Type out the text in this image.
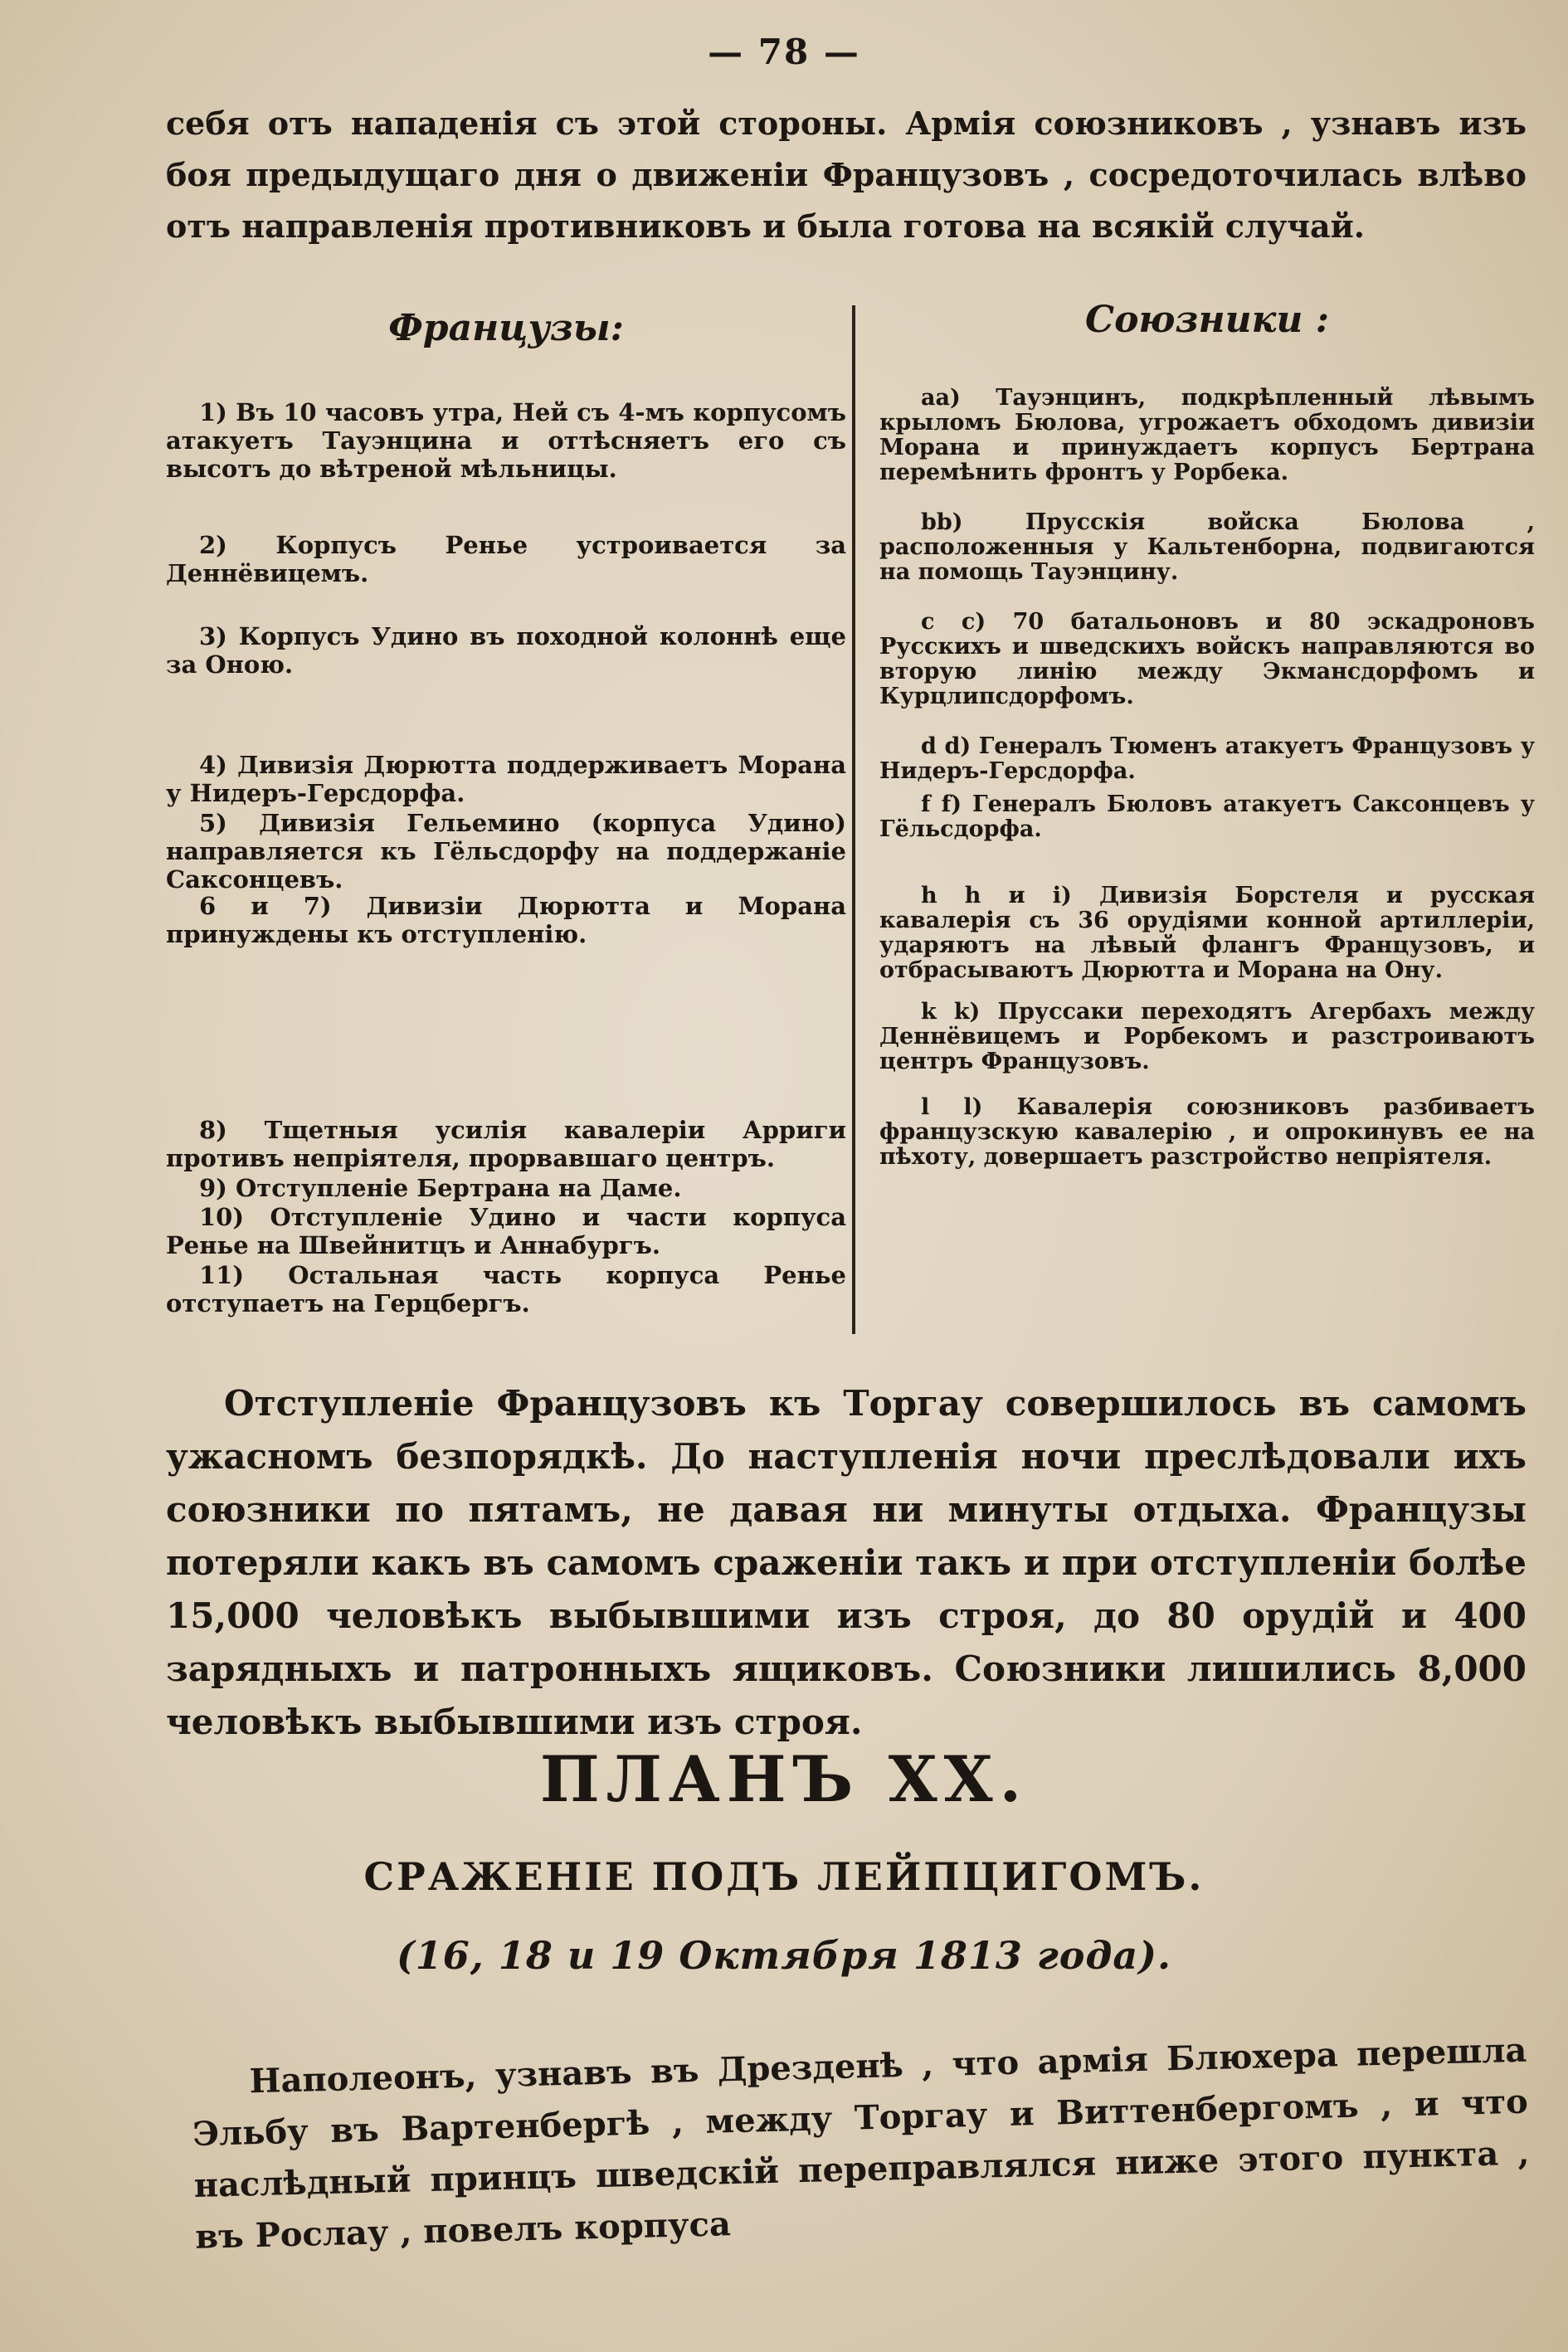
— 78 —

себя отъ нападенія съ этой стороны. Армія союзниковъ , узнавъ изъ боя предыдущаго дня о движеніи Французовъ , сосредоточилась влѣво отъ направленія противниковъ и была готова на всякій случай.

Французы:

1) Въ 10 часовъ утра, Ней съ 4-мъ корпусомъ атакуетъ Тауэнцина и оттѣсняетъ его съ высотъ до вѣтреной мѣльницы.

2) Корпусъ Ренье устроивается за Деннёвицемъ.

3) Корпусъ Удино въ походной колоннѣ еще за Оною.

4) Дивизія Дюрютта поддерживаетъ Морана у Нидеръ-Герсдорфа.

5) Дивизія Гельемино (корпуса Удино) направляется къ Гёльсдорфу на поддержаніе Саксонцевъ.

6 и 7) Дивизіи Дюрютта и Морана принуждены къ отступленію.

8) Тщетныя усилія кавалеріи Арриги противъ непріятеля, прорвавшаго центръ.

9) Отступленіе Бертрана на Даме.

10) Отступленіе Удино и части корпуса Ренье на Швейнитцъ и Аннабургъ.

11) Остальная часть корпуса Ренье отступаетъ на Герцбергъ.

Союзники :

аа) Тауэнцинъ, подкрѣпленный лѣвымъ крыломъ Бюлова, угрожаетъ обходомъ дивизіи Морана и принуждаетъ корпусъ Бертрана перемѣнить фронтъ у Рорбека.

bb) Прусскія войска Бюлова , расположенныя у Кальтенборна, подвигаются на помощь Тауэнцину.

с с) 70 батальоновъ и 80 эскадроновъ Русскихъ и шведскихъ войскъ направляются во вторую линію между Экмансдорфомъ и Курцлипсдорфомъ.

d d) Генералъ Тюменъ атакуетъ Французовъ у Нидеръ-Герсдорфа.

f f) Генералъ Бюловъ атакуетъ Саксонцевъ у Гёльсдорфа.

h h и i) Дивизія Борстеля и русская кавалерія съ 36 орудіями конной артиллеріи, ударяютъ на лѣвый флангъ Французовъ, и отбрасываютъ Дюрютта и Морана на Ону.

k k) Пруссаки переходятъ Агербахъ между Деннёвицемъ и Рорбекомъ и разстроиваютъ центръ Французовъ.

l l) Кавалерія союзниковъ разбиваетъ французскую кавалерію , и опрокинувъ ее на пѣхоту, довершаетъ разстройство непріятеля.

Отступленіе Французовъ къ Торгау совершилось въ самомъ ужасномъ безпорядкѣ. До наступленія ночи преслѣдовали ихъ союзники по пятамъ, не давая ни минуты отдыха. Французы потеряли какъ въ самомъ сраженіи такъ и при отступленіи болѣе 15,000 человѣкъ выбывшими изъ строя, до 80 орудій и 400 зарядныхъ и патронныхъ ящиковъ. Союзники лишились 8,000 человѣкъ выбывшими изъ строя.

ПЛАНЪ XX.
СРАЖЕНІЕ ПОДЪ ЛЕЙПЦИГОМЪ.
(16, 18 и 19 Октября 1813 года).

Наполеонъ, узнавъ въ Дрезденѣ , что армія Блюхера перешла Эльбу въ Вартенбергѣ , между Торгау и Виттенбергомъ , и что наслѣдный принцъ шведскій переправлялся ниже этого пункта , въ Рослау , повелъ корпуса
